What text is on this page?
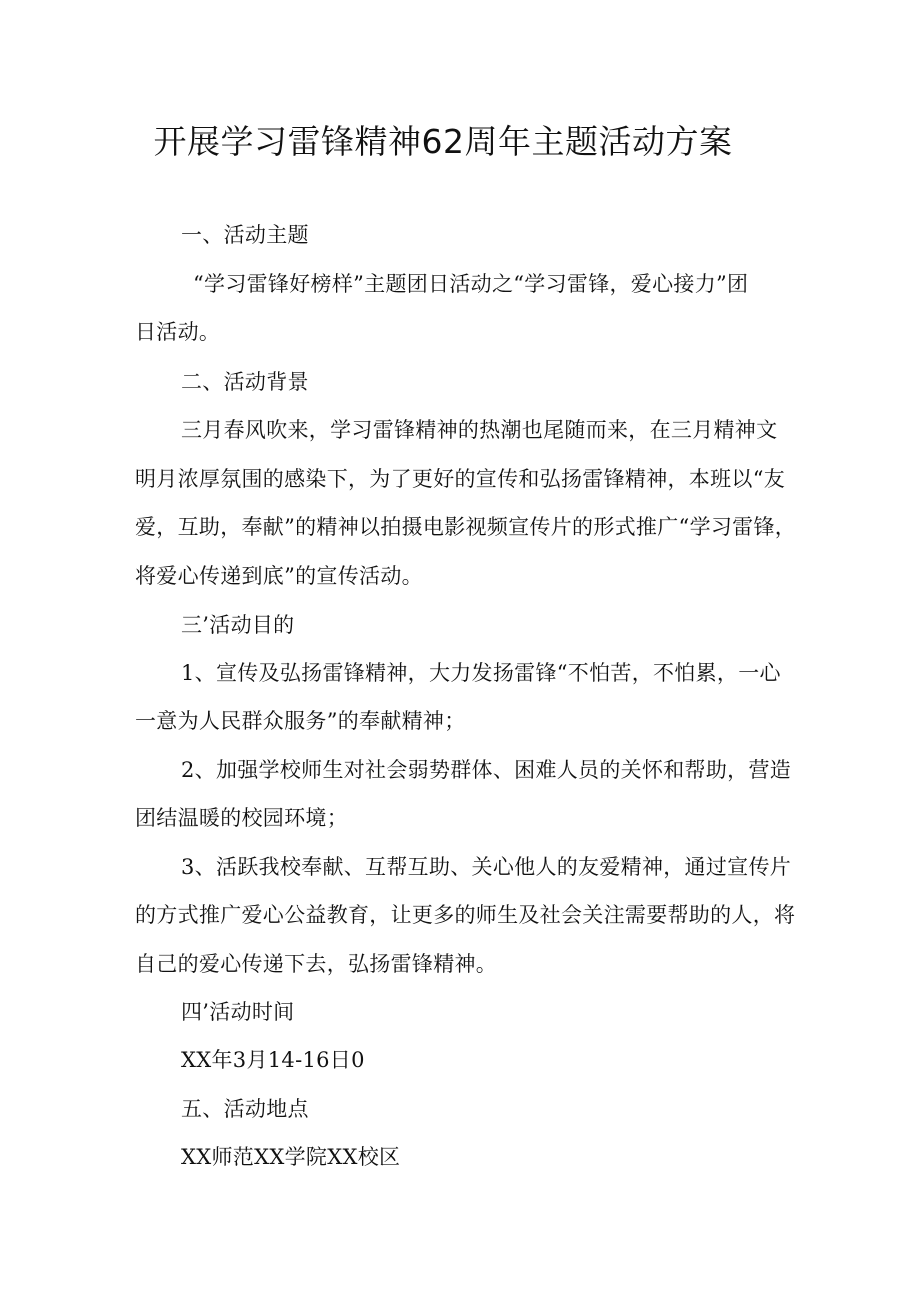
开展学习雷锋精神62周年主题活动方案
一、活动主题
“学习雷锋好榜样”主题团日活动之“学习雷锋，爱心接力”团
日活动。
二、活动背景
三月春风吹来，学习雷锋精神的热潮也尾随而来，在三月精神文
明月浓厚氛围的感染下，为了更好的宣传和弘扬雷锋精神，本班以“友
爱，互助，奉献”的精神以拍摄电影视频宣传片的形式推广“学习雷锋，
将爱心传递到底”的宣传活动。
三’活动目的
1、宣传及弘扬雷锋精神，大力发扬雷锋“不怕苦，不怕累，一心
一意为人民群众服务”的奉献精神；
2、加强学校师生对社会弱势群体、困难人员的关怀和帮助，营造
团结温暖的校园环境；
3、活跃我校奉献、互帮互助、关心他人的友爱精神，通过宣传片
的方式推广爱心公益教育，让更多的师生及社会关注需要帮助的人，将
自己的爱心传递下去，弘扬雷锋精神。
四’活动时间
XX年3月14-16日0
五、活动地点
XX师范XX学院XX校区
